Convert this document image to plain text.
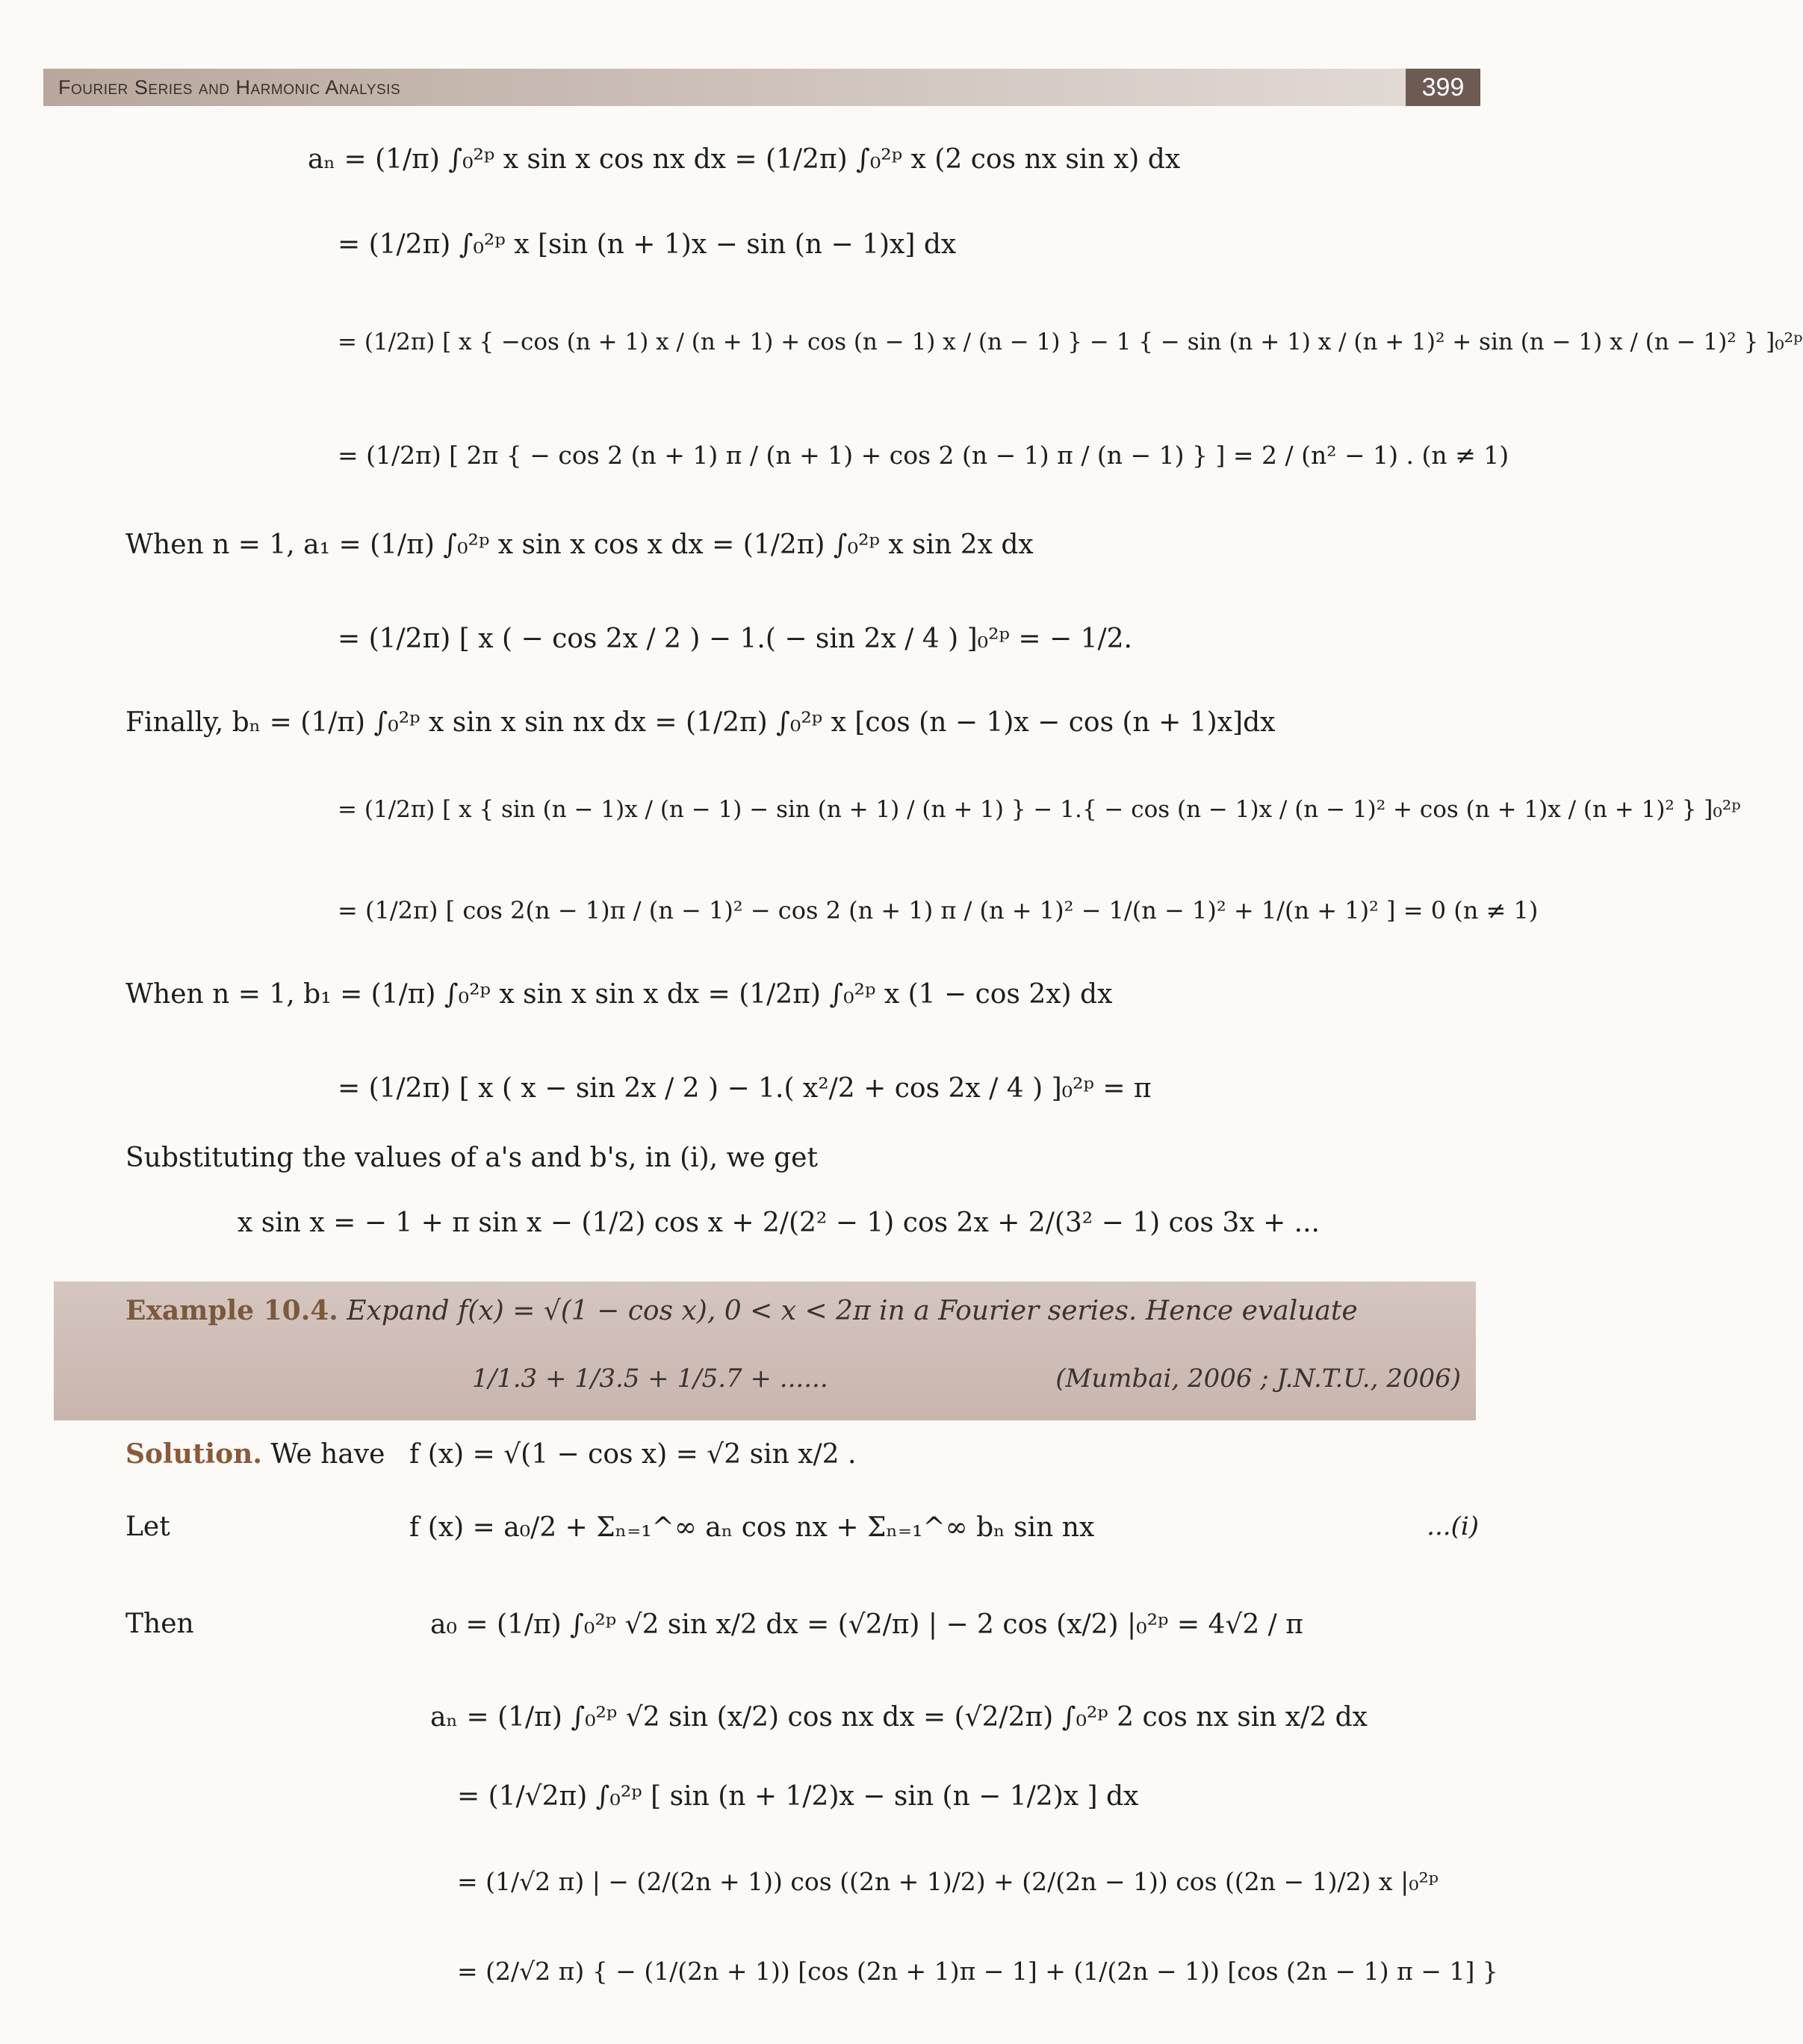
Fourier Series and Harmonic Analysis	399
aₙ = (1/π) ∫₀²ᵖ x sin x cos nx dx = (1/2π) ∫₀²ᵖ x (2 cos nx sin x) dx
= (1/2π) ∫₀²ᵖ x [sin (n + 1)x − sin (n − 1)x] dx
= (1/2π) [ x { −cos (n + 1) x / (n + 1) + cos (n − 1) x / (n − 1) } − 1 { − sin (n + 1) x / (n + 1)² + sin (n − 1) x / (n − 1)² } ]₀²ᵖ
= (1/2π) [ 2π { − cos 2 (n + 1) π / (n + 1) + cos 2 (n − 1) π / (n − 1) } ] = 2 / (n² − 1) . (n ≠ 1)
When n = 1, a₁ = (1/π) ∫₀²ᵖ x sin x cos x dx = (1/2π) ∫₀²ᵖ x sin 2x dx
= (1/2π) [ x ( − cos 2x / 2 ) − 1.( − sin 2x / 4 ) ]₀²ᵖ = − 1/2.
Finally, bₙ = (1/π) ∫₀²ᵖ x sin x sin nx dx = (1/2π) ∫₀²ᵖ x [cos (n − 1)x − cos (n + 1)x]dx
= (1/2π) [ x { sin (n − 1)x / (n − 1) − sin (n + 1) / (n + 1) } − 1.{ − cos (n − 1)x / (n − 1)² + cos (n + 1)x / (n + 1)² } ]₀²ᵖ
= (1/2π) [ cos 2(n − 1)π / (n − 1)² − cos 2 (n + 1) π / (n + 1)² − 1/(n − 1)² + 1/(n + 1)² ] = 0 (n ≠ 1)
When n = 1, b₁ = (1/π) ∫₀²ᵖ x sin x sin x dx = (1/2π) ∫₀²ᵖ x (1 − cos 2x) dx
= (1/2π) [ x ( x − sin 2x / 2 ) − 1.( x²/2 + cos 2x / 4 ) ]₀²ᵖ = π
Substituting the values of a's and b's, in (i), we get
x sin x = − 1 + π sin x − (1/2) cos x + 2/(2² − 1) cos 2x + 2/(3² − 1) cos 3x + ...
Example 10.4. Expand f(x) = √(1 − cos x), 0 < x < 2π in a Fourier series. Hence evaluate
1/1.3 + 1/3.5 + 1/5.7 + ......	(Mumbai, 2006 ; J.N.T.U., 2006)
Solution. We have f (x) = √(1 − cos x) = √2 sin x/2 .
Let	f (x) = a₀/2 + Σₙ₌₁^∞ aₙ cos nx + Σₙ₌₁^∞ bₙ sin nx	...(i)
Then	a₀ = (1/π) ∫₀²ᵖ √2 sin x/2 dx = (√2/π) | − 2 cos (x/2) |₀²ᵖ = 4√2 / π
aₙ = (1/π) ∫₀²ᵖ √2 sin (x/2) cos nx dx = (√2/2π) ∫₀²ᵖ 2 cos nx sin x/2 dx
= (1/√2π) ∫₀²ᵖ [ sin (n + 1/2)x − sin (n − 1/2)x ] dx
= (1/√2 π) | − (2/(2n + 1)) cos ((2n + 1)/2) + (2/(2n − 1)) cos ((2n − 1)/2) x |₀²ᵖ
= (2/√2 π) { − (1/(2n + 1)) [cos (2n + 1)π − 1] + (1/(2n − 1)) [cos (2n − 1) π − 1] }
